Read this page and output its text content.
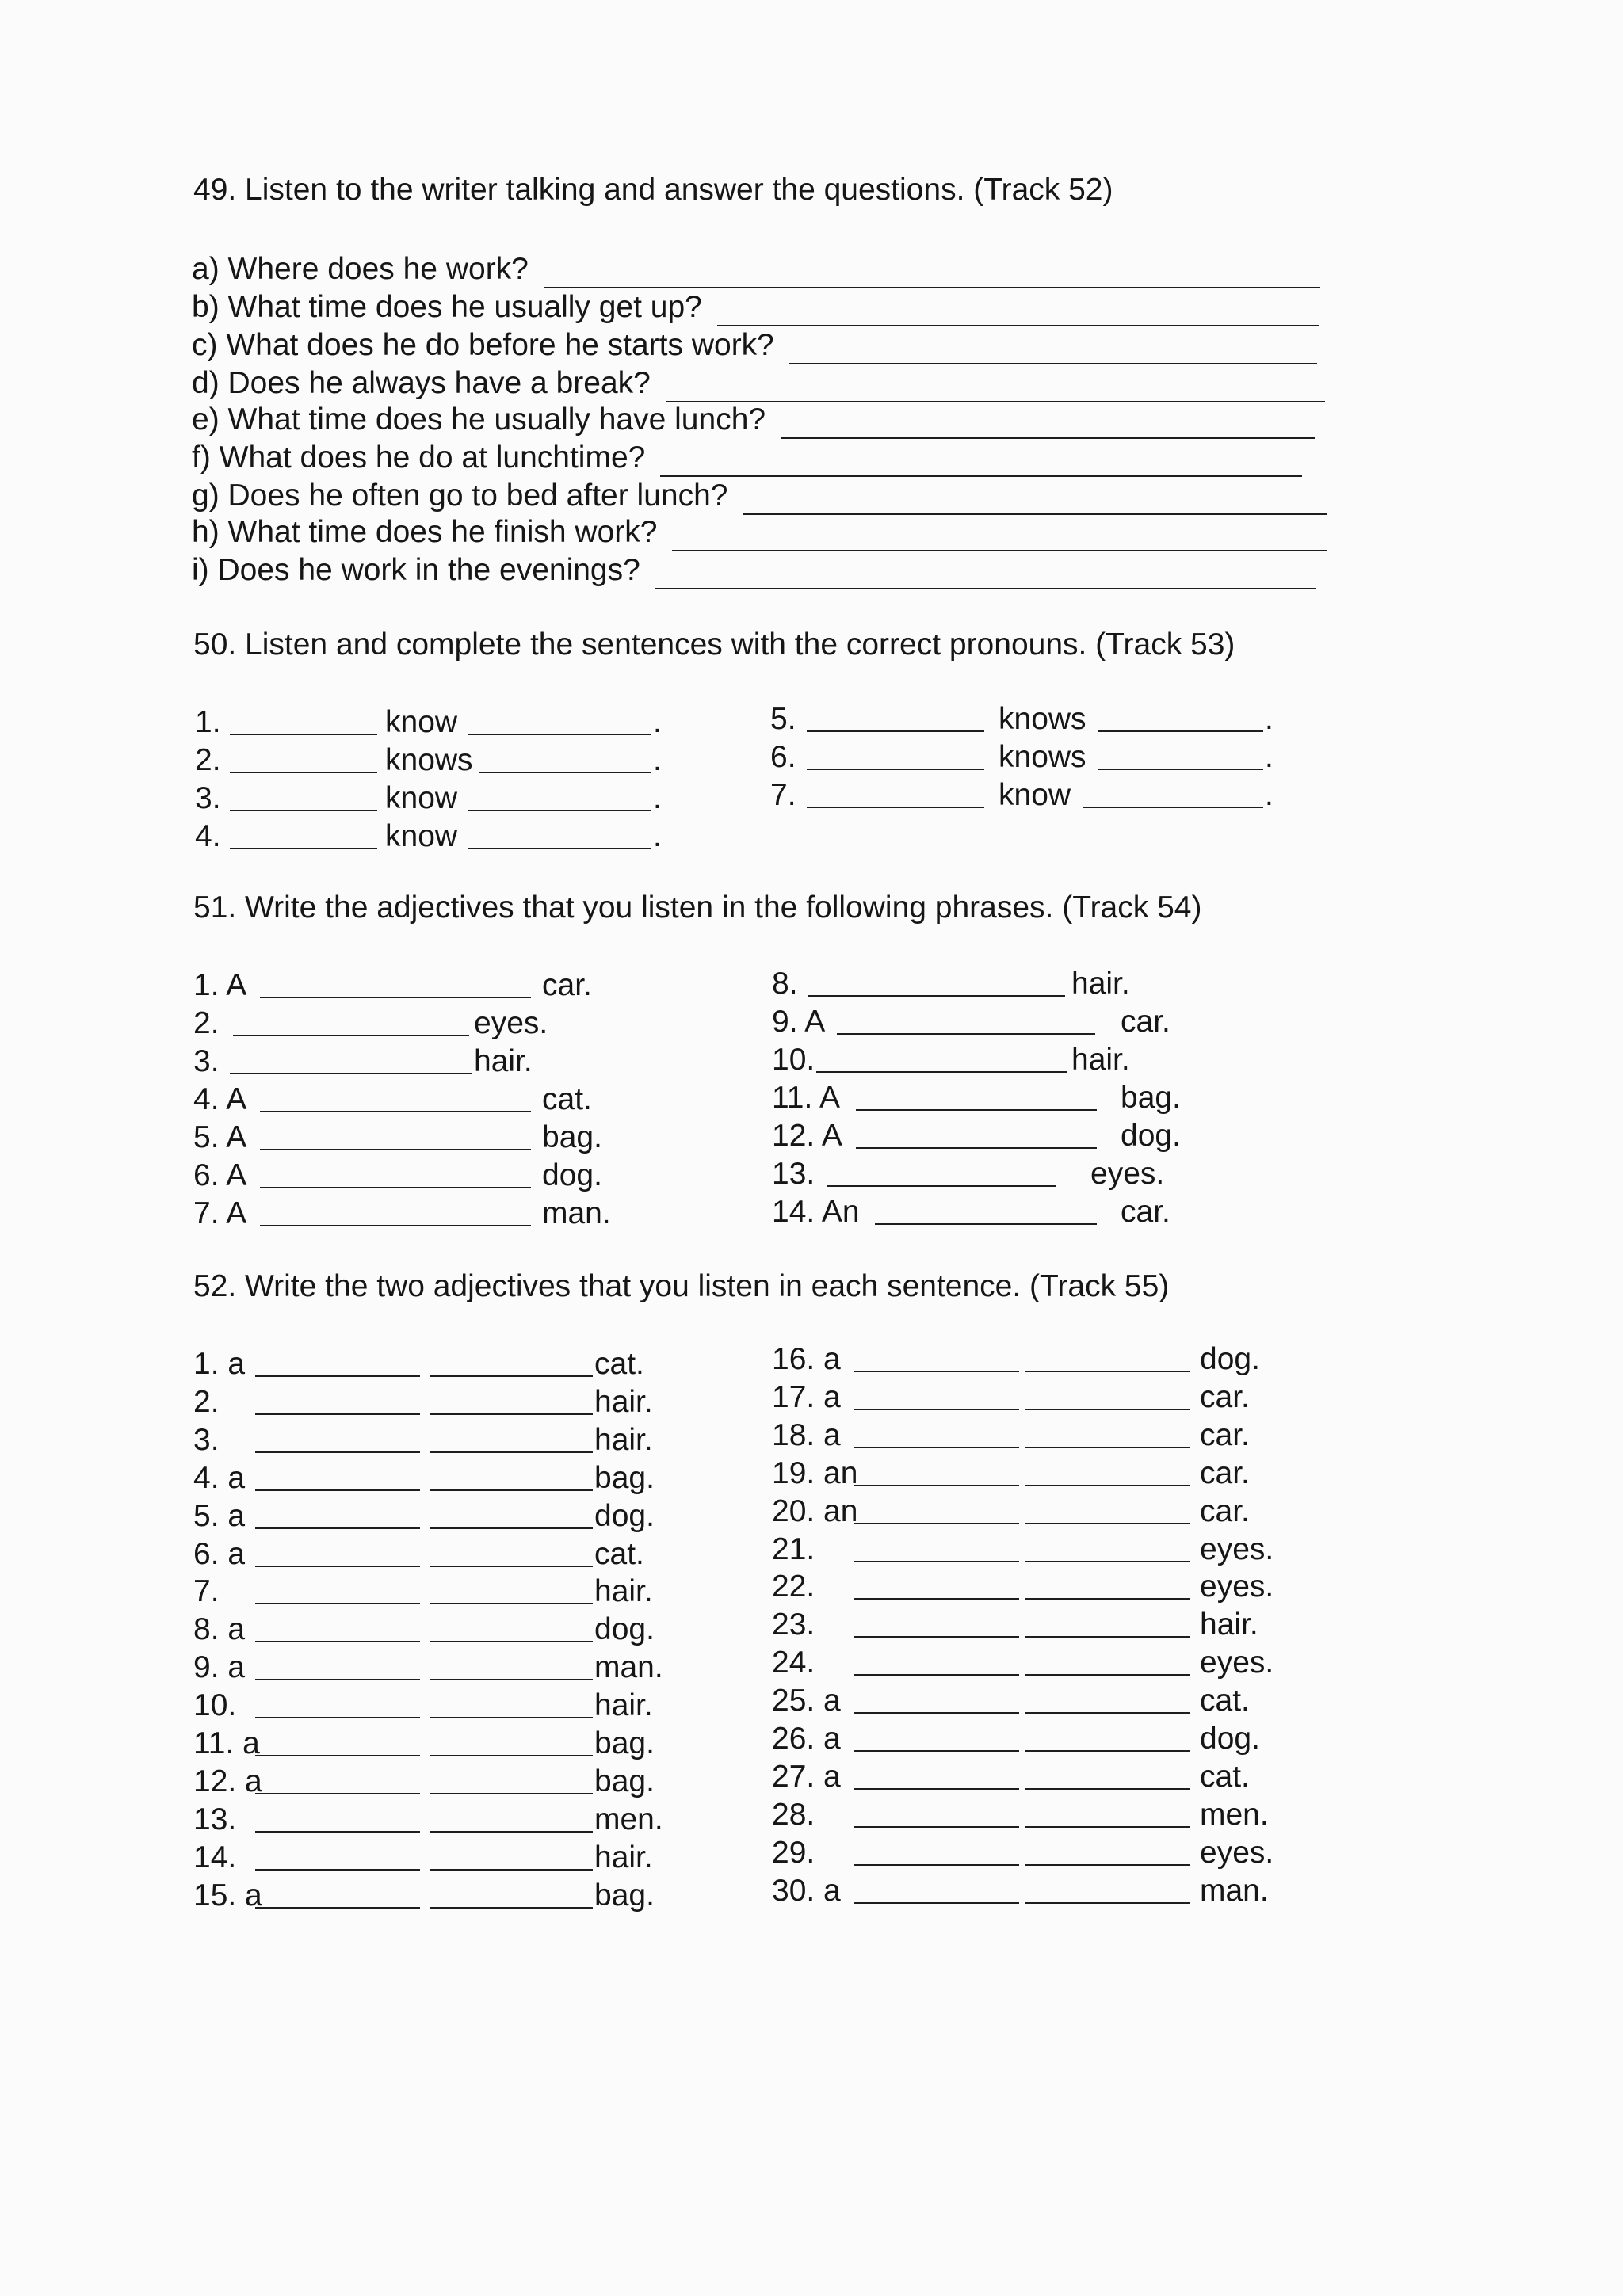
49. Listen to the writer talking and answer the questions. (Track 52)
a) Where does he work?
b) What time does he usually get up?
c) What does he do before he starts work?
d) Does he always have a break?
e) What time does he usually have lunch?
f) What does he do at lunchtime?
g) Does he often go to bed after lunch?
h) What time does he finish work?
i) Does he work in the evenings?
50. Listen and complete the sentences with the correct pronouns. (Track 53)
1.	know	.
2.	knows	.
3.	know	.
4.	know	.
5.	knows	.
6.	knows	.
7.	know	.
51. Write the adjectives that you listen in the following phrases. (Track 54)
1. A	car.
2.	eyes.
3.	hair.
4. A	cat.
5. A	bag.
6. A	dog.
7. A	man.
8.	hair.
9. A	car.
10.	hair.
11. A	bag.
12. A	dog.
13.	eyes.
14. An	car.
52. Write the two adjectives that you listen in each sentence. (Track 55)
1. a	cat.
2.	hair.
3.	hair.
4. a	bag.
5. a	dog.
6. a	cat.
7.	hair.
8. a	dog.
9. a	man.
10.	hair.
11. a	bag.
12. a	bag.
13.	men.
14.	hair.
15. a	bag.
16. a	dog.
17. a	car.
18. a	car.
19. an	car.
20. an	car.
21.	eyes.
22.	eyes.
23.	hair.
24.	eyes.
25. a	cat.
26. a	dog.
27. a	cat.
28.	men.
29.	eyes.
30. a	man.
